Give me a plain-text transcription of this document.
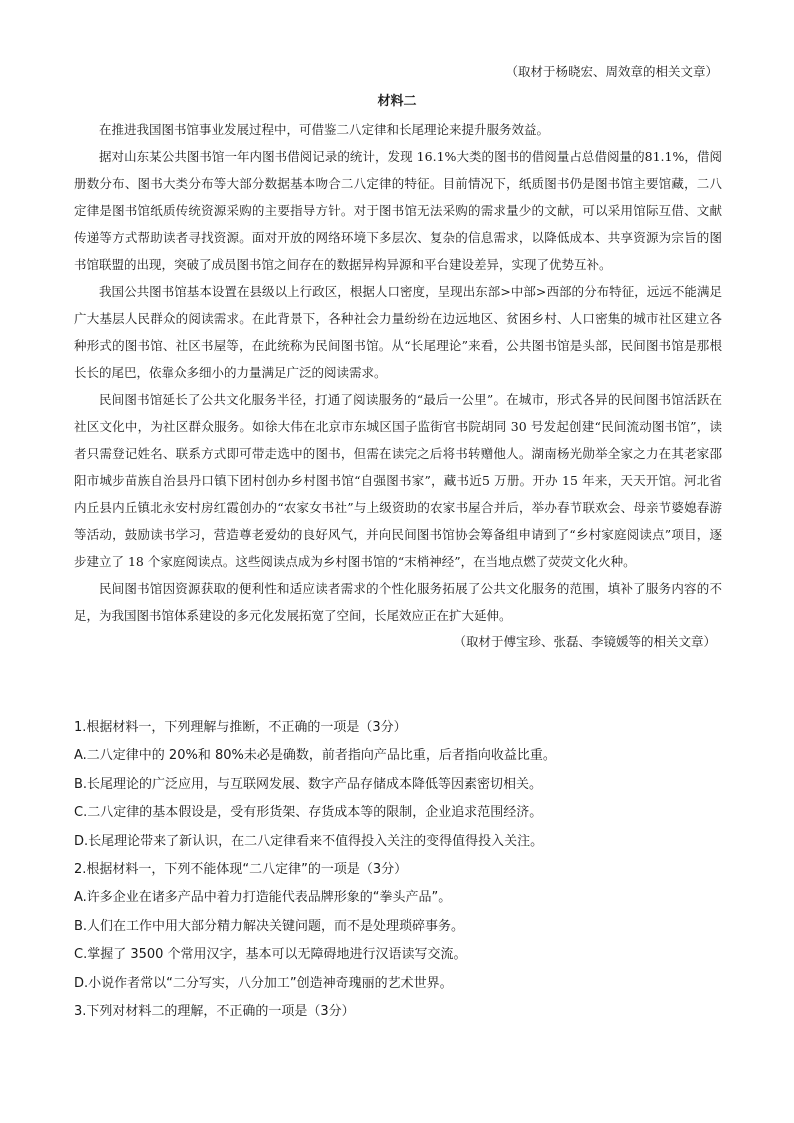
（取材于杨晓宏、周效章的相关文章）
材料二

在推进我国图书馆事业发展过程中，可借鉴二八定律和长尾理论来提升服务效益。

据对山东某公共图书馆一年内图书借阅记录的统计，发现 16.1%大类的图书的借阅量占总借阅量的81.1%，借阅册数分布、图书大类分布等大部分数据基本吻合二八定律的特征。目前情况下，纸质图书仍是图书馆主要馆藏，二八定律是图书馆纸质传统资源采购的主要指导方针。对于图书馆无法采购的需求量少的文献，可以采用馆际互借、文献传递等方式帮助读者寻找资源。面对开放的网络环境下多层次、复杂的信息需求，以降低成本、共享资源为宗旨的图书馆联盟的出现，突破了成员图书馆之间存在的数据异构异源和平台建设差异，实现了优势互补。

我国公共图书馆基本设置在县级以上行政区，根据人口密度，呈现出东部>中部>西部的分布特征，远远不能满足广大基层人民群众的阅读需求。在此背景下，各种社会力量纷纷在边远地区、贫困乡村、人口密集的城市社区建立各种形式的图书馆、社区书屋等，在此统称为民间图书馆。从“长尾理论”来看，公共图书馆是头部，民间图书馆是那根长长的尾巴，依靠众多细小的力量满足广泛的阅读需求。

民间图书馆延长了公共文化服务半径，打通了阅读服务的“最后一公里”。在城市，形式各异的民间图书馆活跃在社区文化中，为社区群众服务。如徐大伟在北京市东城区国子监街官书院胡同 30 号发起创建“民间流动图书馆”，读者只需登记姓名、联系方式即可带走选中的图书，但需在读完之后将书转赠他人。湖南杨光勋举全家之力在其老家邵阳市城步苗族自治县丹口镇下团村创办乡村图书馆“自强图书家”，藏书近5 万册。开办 15 年来，天天开馆。河北省内丘县内丘镇北永安村房红霞创办的“农家女书社”与上级资助的农家书屋合并后，举办春节联欢会、母亲节婆媳春游等活动，鼓励读书学习，营造尊老爱幼的良好风气，并向民间图书馆协会筹备组申请到了“乡村家庭阅读点”项目，逐步建立了 18 个家庭阅读点。这些阅读点成为乡村图书馆的“末梢神经”，在当地点燃了荧荧文化火种。

民间图书馆因资源获取的便利性和适应读者需求的个性化服务拓展了公共文化服务的范围，填补了服务内容的不足，为我国图书馆体系建设的多元化发展拓宽了空间，长尾效应正在扩大延伸。

（取材于傅宝珍、张磊、李镜媛等的相关文章）
1.根据材料一，下列理解与推断，不正确的一项是（3分）
A.二八定律中的 20%和 80%未必是确数，前者指向产品比重，后者指向收益比重。
B.长尾理论的广泛应用，与互联网发展、数字产品存储成本降低等因素密切相关。
C.二八定律的基本假设是，受有形货架、存货成本等的限制，企业追求范围经济。
D.长尾理论带来了新认识，在二八定律看来不值得投入关注的变得值得投入关注。
2.根据材料一，下列不能体现“二八定律”的一项是（3分）
A.许多企业在诸多产品中着力打造能代表品牌形象的“拳头产品”。
B.人们在工作中用大部分精力解决关键问题，而不是处理琐碎事务。
C.掌握了 3500 个常用汉字，基本可以无障碍地进行汉语读写交流。
D.小说作者常以“二分写实，八分加工”创造神奇瑰丽的艺术世界。
3.下列对材料二的理解，不正确的一项是（3分）
